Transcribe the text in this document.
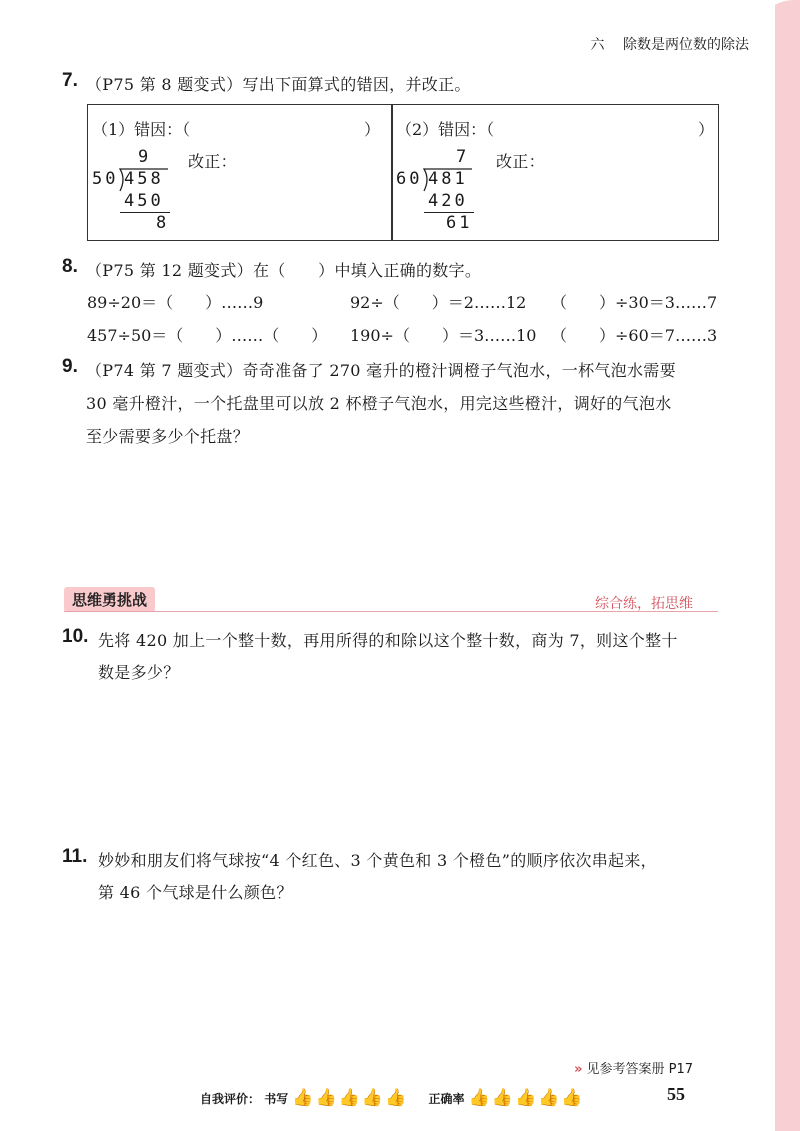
六 除数是两位数的除法
7. （P75 第 8 题变式）写出下面算式的错因，并改正。
（1）错因：（	）
9 改正：
50 458
450
8
（2）错因：（	）
7 改正：
60 481
420
61
8. （P75 第 12 题变式）在（　　）中填入正确的数字。
89÷20＝（　　）……9	92÷（　　）＝2……12 （　　）÷30＝3……7
457÷50＝（　　）……（　　） 190÷（　　）＝3……10 （　　）÷60＝7……3
9. （P74 第 7 题变式）奇奇准备了 270 毫升的橙汁调橙子气泡水，一杯气泡水需要
30 毫升橙汁，一个托盘里可以放 2 杯橙子气泡水，用完这些橙汁，调好的气泡水
至少需要多少个托盘？
思维勇挑战	综合练，拓思维
10. 先将 420 加上一个整十数，再用所得的和除以这个整十数，商为 7，则这个整十
数是多少？
11. 妙妙和朋友们将气球按“4 个红色、3 个黄色和 3 个橙色”的顺序依次串起来，
第 46 个气球是什么颜色？
» 见参考答案册 P17
自我评价： 书写 👍👍👍👍👍 正确率 👍👍👍👍👍	55
